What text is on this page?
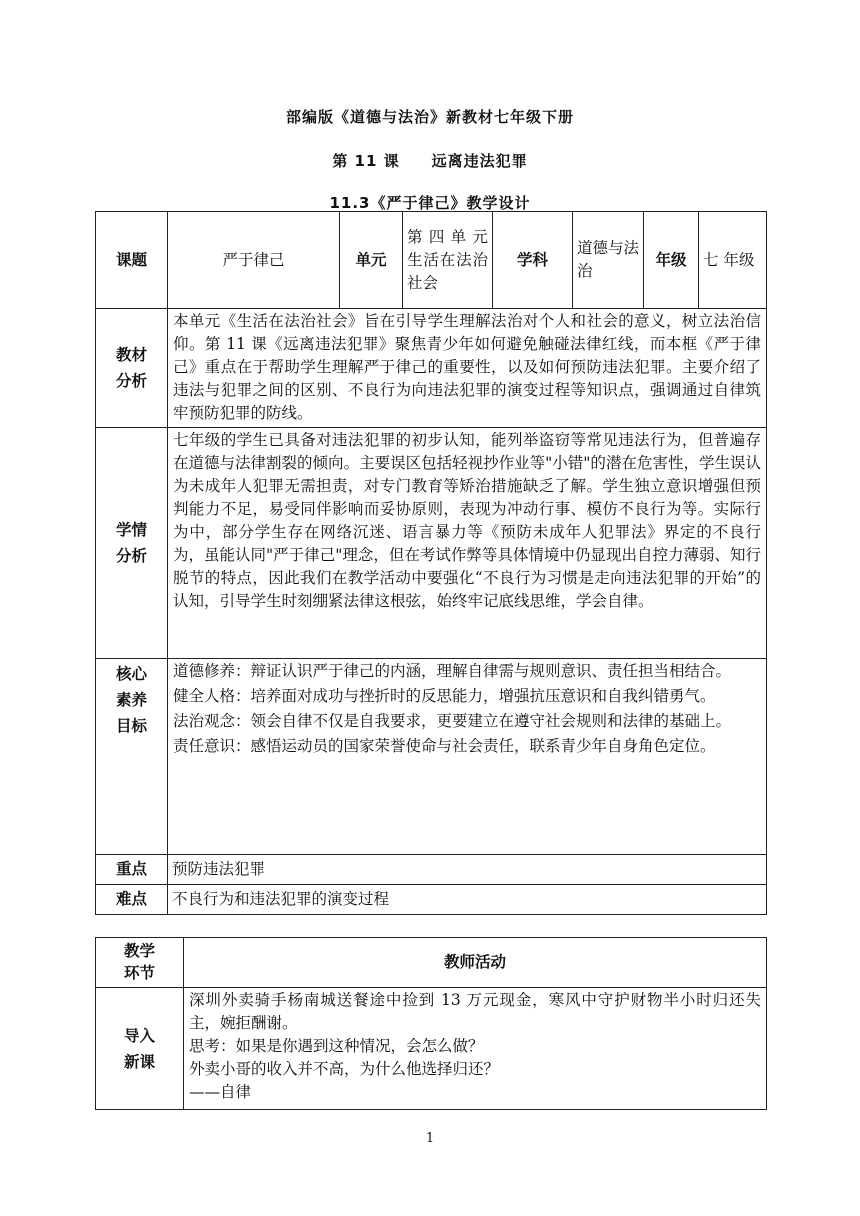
部编版《道德与法治》新教材七年级下册
第 11 课　　远离违法犯罪
11.3《严于律己》教学设计
课题	严于律己	单元	第四单元 生活在法治社会	学科	道德与法治	年级	七 年级
教材分析	本单元《生活在法治社会》旨在引导学生理解法治对个人和社会的意义，树立法治信仰。第 11 课《远离违法犯罪》聚焦青少年如何避免触碰法律红线，而本框《严于律己》重点在于帮助学生理解严于律己的重要性，以及如何预防违法犯罪。主要介绍了违法与犯罪之间的区别、不良行为向违法犯罪的演变过程等知识点，强调通过自律筑牢预防犯罪的防线。						
学情分析	七年级的学生已具备对违法犯罪的初步认知，能列举盗窃等常见违法行为，但普遍存在道德与法律割裂的倾向。主要误区包括轻视抄作业等"小错"的潜在危害性，学生误认为未成年人犯罪无需担责，对专门教育等矫治措施缺乏了解。学生独立意识增强但预判能力不足，易受同伴影响而妥协原则，表现为冲动行事、模仿不良行为等。实际行为中，部分学生存在网络沉迷、语言暴力等《预防未成年人犯罪法》界定的不良行为，虽能认同"严于律己"理念，但在考试作弊等具体情境中仍显现出自控力薄弱、知行脱节的特点，因此我们在教学活动中要强化“不良行为习惯是走向违法犯罪的开始”的认知，引导学生时刻绷紧法律这根弦，始终牢记底线思维，学会自律。						
核心素养目标	道德修养：辩证认识严于律己的内涵，理解自律需与规则意识、责任担当相结合。

健全人格：培养面对成功与挫折时的反思能力，增强抗压意识和自我纠错勇气。

法治观念：领会自律不仅是自我要求，更要建立在遵守社会规则和法律的基础上。

责任意识：感悟运动员的国家荣誉使命与社会责任，联系青少年自身角色定位。						

重点	预防违法犯罪						
难点	不良行为和违法犯罪的演变过程						
教学环节	教师活动
导入新课	深圳外卖骑手杨南城送餐途中捡到 13 万元现金，寒风中守护财物半小时归还失主，婉拒酬谢。

思考：如果是你遇到这种情况，会怎么做？

外卖小哥的收入并不高，为什么他选择归还？

——自律

1
